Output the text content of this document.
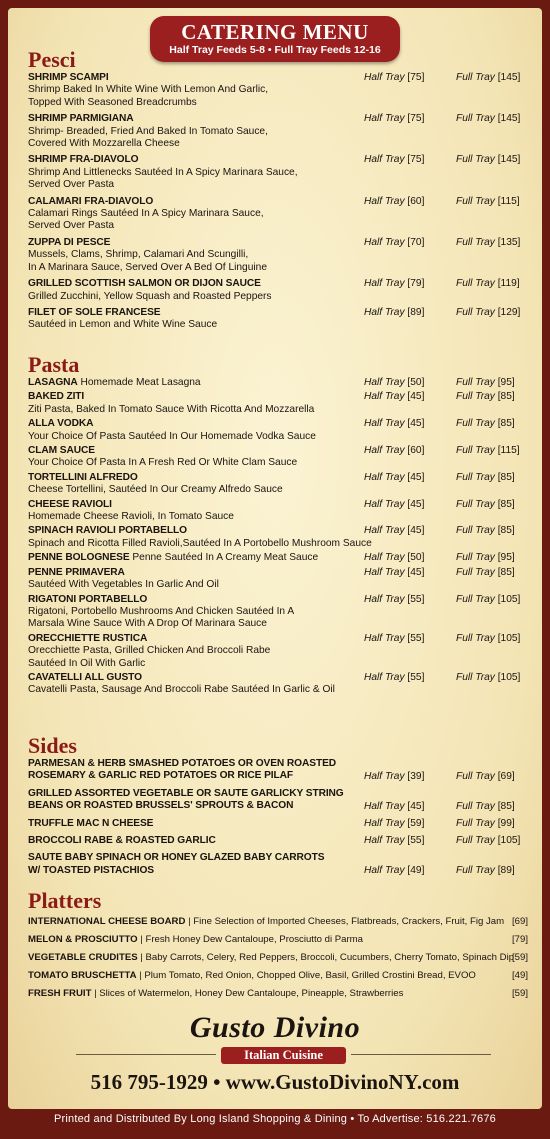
CATERING MENU
Half Tray Feeds 5-8 • Full Tray Feeds 12-16
Pesci
SHRIMP SCAMPI
Shrimp Baked In White Wine With Lemon And Garlic,
Topped With Seasoned Breadcrumbs
Half Tray [75]	Full Tray [145]
SHRIMP PARMIGIANA
Shrimp- Breaded, Fried And Baked In Tomato Sauce,
Covered With Mozzarella Cheese
Half Tray [75]	Full Tray [145]
SHRIMP FRA-DIAVOLO
Shrimp And Littlenecks Sautéed In A Spicy Marinara Sauce,
Served Over Pasta
Half Tray [75]	Full Tray [145]
CALAMARI FRA-DIAVOLO
Calamari Rings Sautéed In A Spicy Marinara Sauce,
Served Over Pasta
Half Tray [60]	Full Tray [115]
ZUPPA DI PESCE
Mussels, Clams, Shrimp, Calamari And Scungilli,
In A Marinara Sauce, Served Over A Bed Of Linguine
Half Tray [70]	Full Tray [135]
GRILLED SCOTTISH SALMON OR DIJON SAUCE
Grilled Zucchini, Yellow Squash and Roasted Peppers
Half Tray [79]	Full Tray [119]
FILET OF SOLE FRANCESE
Sautéed in Lemon and White Wine Sauce
Half Tray [89]	Full Tray [129]
Pasta
LASAGNA Homemade Meat Lasagna	Half Tray [50]	Full Tray [95]
BAKED ZITI
Ziti Pasta, Baked In Tomato Sauce With Ricotta And Mozzarella
Half Tray [45]	Full Tray [85]
ALLA VODKA
Your Choice Of Pasta Sautéed In Our Homemade Vodka Sauce
Half Tray [45]	Full Tray [85]
CLAM SAUCE
Your Choice Of Pasta In A Fresh Red Or White Clam Sauce
Half Tray [60]	Full Tray [115]
TORTELLINI ALFREDO
Cheese Tortellini, Sautéed In Our Creamy Alfredo Sauce
Half Tray [45]	Full Tray [85]
CHEESE RAVIOLI
Homemade Cheese Ravioli, In Tomato Sauce
Half Tray [45]	Full Tray [85]
SPINACH RAVIOLI PORTABELLO
Spinach and Ricotta Filled Ravioli,Sautéed In A Portobello Mushroom Sauce
Half Tray [45]	Full Tray [85]
PENNE BOLOGNESE Penne Sautéed In A Creamy Meat Sauce	Half Tray [50]	Full Tray [95]
PENNE PRIMAVERA
Sautéed With Vegetables In Garlic And Oil
Half Tray [45]	Full Tray [85]
RIGATONI PORTABELLO
Rigatoni, Portobello Mushrooms And Chicken Sautéed In A
Marsala Wine Sauce With A Drop Of Marinara Sauce
Half Tray [55]	Full Tray [105]
ORECCHIETTE RUSTICA
Orecchiette Pasta, Grilled Chicken And Broccoli Rabe
Sautéed In Oil With Garlic
Half Tray [55]	Full Tray [105]
CAVATELLI ALL GUSTO
Cavatelli Pasta, Sausage And Broccoli Rabe Sautéed In Garlic & Oil
Half Tray [55]	Full Tray [105]
Sides
PARMESAN & HERB SMASHED POTATOES OR OVEN ROASTED
ROSEMARY & GARLIC RED POTATOES OR RICE PILAF	Half Tray [39]	Full Tray [69]
GRILLED ASSORTED VEGETABLE OR SAUTE GARLICKY STRING
BEANS OR ROASTED BRUSSELS' SPROUTS & BACON	Half Tray [45]	Full Tray [85]
TRUFFLE MAC N CHEESE	Half Tray [59]	Full Tray [99]
BROCCOLI RABE & ROASTED GARLIC	Half Tray [55]	Full Tray [105]
SAUTE BABY SPINACH OR HONEY GLAZED BABY CARROTS
W/ TOASTED PISTACHIOS	Half Tray [49]	Full Tray [89]
Platters
INTERNATIONAL CHEESE BOARD | Fine Selection of Imported Cheeses, Flatbreads, Crackers, Fruit, Fig Jam [69]
MELON & PROSCIUTTO | Fresh Honey Dew Cantaloupe, Prosciutto di Parma	[79]
VEGETABLE CRUDITES | Baby Carrots, Celery, Red Peppers, Broccoli, Cucumbers, Cherry Tomato, Spinach Dip
[59]
TOMATO BRUSCHETTA | Plum Tomato, Red Onion, Chopped Olive, Basil, Grilled Crostini Bread, EVOO	[49]
FRESH FRUIT | Slices of Watermelon, Honey Dew Cantaloupe, Pineapple, Strawberries	[59]
Gusto Divino
Italian Cuisine
516 795-1929 • www.GustoDivinoNY.com
Printed and Distributed By Long Island Shopping & Dining • To Advertise: 516.221.7676
